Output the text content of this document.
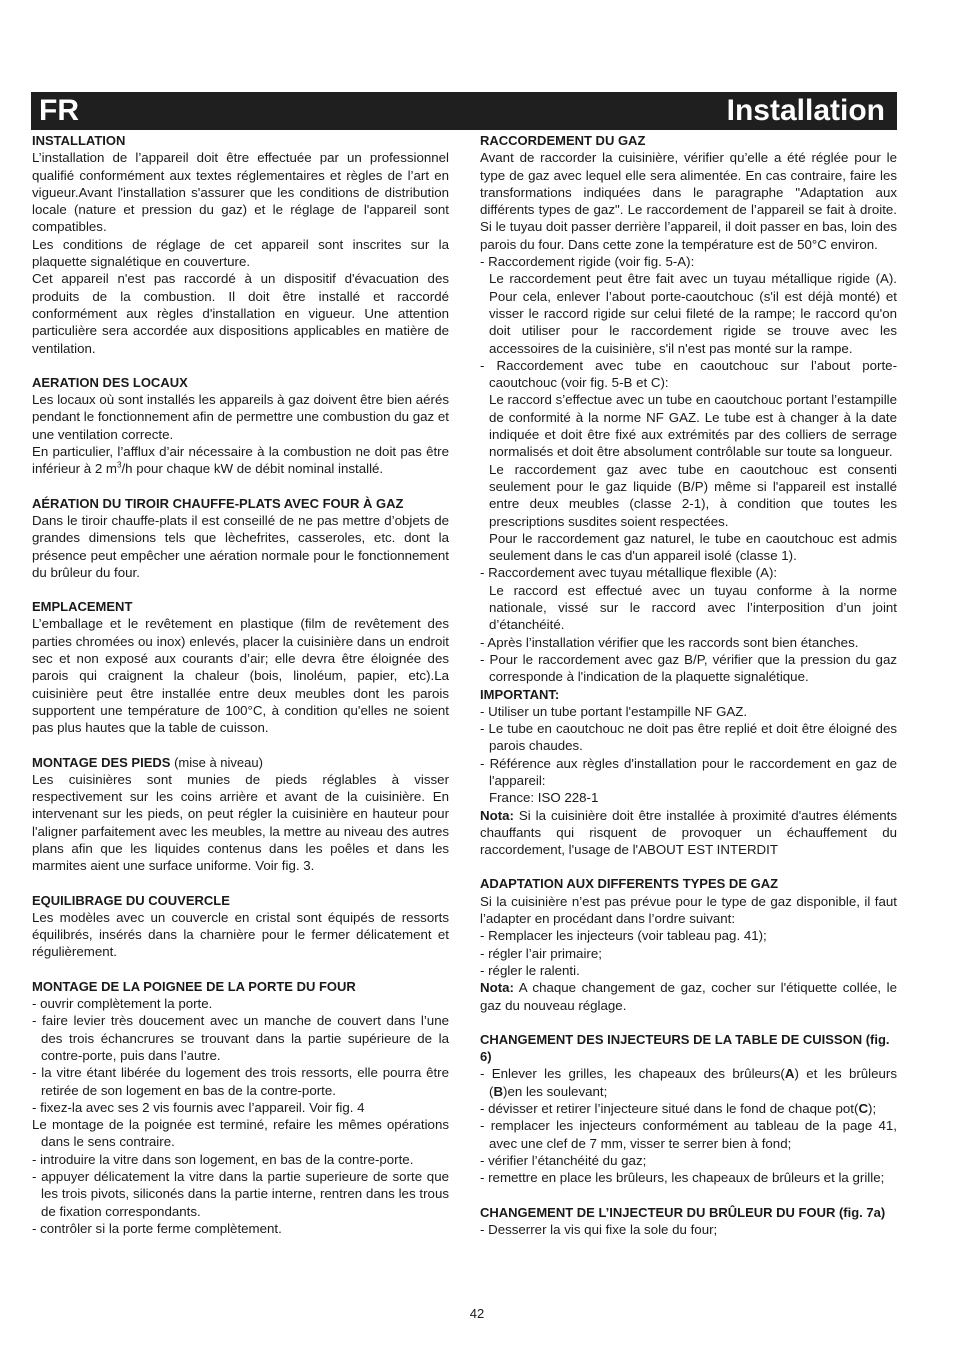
FR	Installation
INSTALLATION

L’installation de l’appareil doit être effectuée par un professionnel qualifié conformément aux textes réglementaires et règles de l’art en vigueur.Avant l'installation s'assurer que les conditions de distribution locale (nature et pression du gaz) et le réglage de l'appareil sont compatibles.

Les conditions de réglage de cet appareil sont inscrites sur la plaquette signalétique en couverture.

Cet appareil n'est pas raccordé à un dispositif d'évacuation des produits de la combustion. Il doit être installé et raccordé conformément aux règles d'installation en vigueur. Une attention particulière sera accordée aux dispositions applicables en matière de ventilation.

AERATION DES LOCAUX

Les locaux où sont installés les appareils à gaz doivent être bien aérés pendant le fonctionnement afin de permettre une combustion du gaz et une ventilation correcte.

En particulier, l’afflux d’air nécessaire à la combustion ne doit pas être inférieur à 2 $m^3/h$ pour chaque kW de débit nominal installé.

AÉRATION DU TIROIR CHAUFFE-PLATS AVEC FOUR À GAZ

Dans le tiroir chauffe-plats il est conseillé de ne pas mettre d’objets de grandes dimensions tels que lèchefrites, casseroles, etc. dont la présence peut empêcher une aération normale pour le fonctionnement du brûleur du four.

EMPLACEMENT

L’emballage et le revêtement en plastique (film de revêtement des parties chromées ou inox) enlevés, placer la cuisinière dans un endroit sec et non exposé aux courants d’air; elle devra être éloignée des parois qui craignent la chaleur (bois, linoléum, papier, etc).La cuisinière peut être installée entre deux meubles dont les parois supportent une température de 100°C, à condition qu'elles ne soient pas plus hautes que la table de cuisson.

MONTAGE DES PIEDS (mise à niveau)

Les cuisinières sont munies de pieds réglables à visser respectivement sur les coins arrière et avant de la cuisinière. En intervenant sur les pieds, on peut régler la cuisinière en hauteur pour l'aligner parfaitement avec les meubles, la mettre au niveau des autres plans afin que les liquides contenus dans les poêles et dans les marmites aient une surface uniforme. Voir fig. 3.

EQUILIBRAGE DU COUVERCLE

Les modèles avec un couvercle en cristal sont équipés de ressorts équilibrés, insérés dans la charnière pour le fermer délicatement et régulièrement.

MONTAGE DE LA POIGNEE DE LA PORTE DU FOUR

- ouvrir complètement la porte.

- faire levier très doucement avec un manche de couvert dans l’une des trois échancrures se trouvant dans la partie supérieure de la contre-porte, puis dans l’autre.

- la vitre étant libérée du logement des trois ressorts, elle pourra être retirée de son logement en bas de la contre-porte.

- fixez-la avec ses 2 vis fournis avec l’appareil. Voir fig. 4

Le montage de la poignée est terminé, refaire les mêmes opérations dans le sens contraire.

- introduire la vitre dans son logement, en bas de la contre-porte.

- appuyer délicatement la vitre dans la partie superieure de sorte que les trois pivots, siliconés dans la partie interne, rentren dans les trous de fixation correspondants.

- contrôler si la porte ferme complètement.

RACCORDEMENT DU GAZ

Avant de raccorder la cuisinière, vérifier qu’elle a été réglée pour le type de gaz avec lequel elle sera alimentée. En cas contraire, faire les transformations indiquées dans le paragraphe "Adaptation aux différents types de gaz". Le raccordement de l’appareil se fait à droite. Si le tuyau doit passer derrière l’appareil, il doit passer en bas, loin des parois du four. Dans cette zone la température est de 50°C environ.

- Raccordement rigide (voir fig. 5-A):

Le raccordement peut être fait avec un tuyau métallique rigide (A). Pour cela, enlever l’about porte-caoutchouc (s'il est déjà monté) et visser le raccord rigide sur celui fileté de la rampe; le raccord qu'on doit utiliser pour le raccordement rigide se trouve avec les accessoires de la cuisinière, s'il n'est pas monté sur la rampe.

- Raccordement avec tube en caoutchouc sur l’about porte-caoutchouc (voir fig. 5-B et C):

Le raccord s’effectue avec un tube en caoutchouc portant l’estampille de conformité à la norme NF GAZ. Le tube est à changer à la date indiquée et doit être fixé aux extrémités par des colliers de serrage normalisés et doit être absolument contrôlable sur toute sa longueur.

Le raccordement gaz avec tube en caoutchouc est consenti seulement pour le gaz liquide (B/P) même si l'appareil est installé entre deux meubles (classe 2-1), à condition que toutes les prescriptions susdites soient respectées.

Pour le raccordement gaz naturel, le tube en caoutchouc est admis seulement dans le cas d'un appareil isolé (classe 1).

- Raccordement avec tuyau métallique flexible (A):

Le raccord est effectué avec un tuyau conforme à la norme nationale, vissé sur le raccord avec l’interposition d’un joint d’étanchéité.

- Après l’installation vérifier que les raccords sont bien étanches.

- Pour le raccordement avec gaz B/P, vérifier que la pression du gaz corresponde à l'indication de la plaquette signalétique.

IMPORTANT:

- Utiliser un tube portant l'estampille NF GAZ.

- Le tube en caoutchouc ne doit pas être replié et doit être éloigné des parois chaudes.

- Référence aux règles d'installation pour le raccordement en gaz de l'appareil:

France: ISO 228-1

Nota: Si la cuisinière doit être installée à proximité d'autres éléments chauffants qui risquent de provoquer un échauffement du raccordement, l'usage de l'ABOUT EST INTERDIT

ADAPTATION AUX DIFFERENTS TYPES DE GAZ

Si la cuisinière n’est pas prévue pour le type de gaz disponible, il faut l’adapter en procédant dans l’ordre suivant:

- Remplacer les injecteurs (voir tableau pag. 41);

- régler l’air primaire;

- régler le ralenti.

Nota: A chaque changement de gaz, cocher sur l'étiquette collée, le gaz du nouveau réglage.

CHANGEMENT DES INJECTEURS DE LA TABLE DE CUISSON (fig. 6)

- Enlever les grilles, les chapeaux des brûleurs(A) et les brûleurs (B)en les soulevant;

- dévisser et retirer l’injecteure situé dans le fond de chaque pot(C);

- remplacer les injecteurs conformément au tableau de la page 41, avec une clef de 7 mm, visser te serrer bien à fond;

- vérifier l’étanchéité du gaz;

- remettre en place les brûleurs, les chapeaux de brûleurs et la grille;

CHANGEMENT DE L’INJECTEUR DU BRÛLEUR DU FOUR (fig. 7a)

- Desserrer la vis qui fixe la sole du four;

42
